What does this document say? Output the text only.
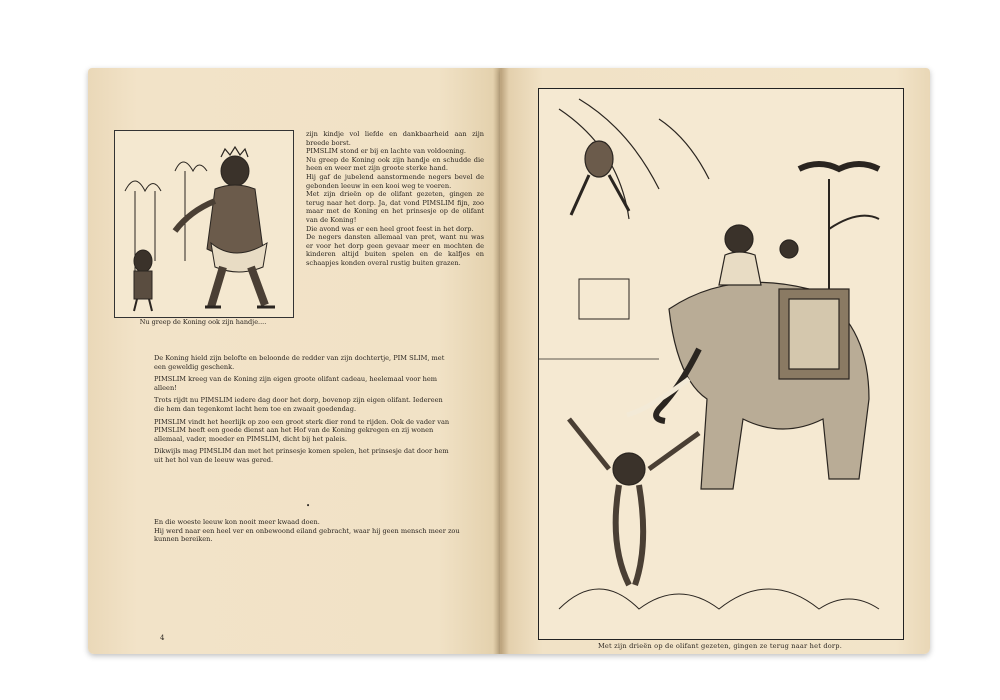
Nu greep de Koning ook zijn handje....

zijn kindje vol liefde en dankbaarheid aan zijn breede borst.

PIMSLIM stond er bij en lachte van voldoening.

Nu greep de Koning ook zijn handje en schudde die heen en weer met zijn groote sterke hand.

Hij gaf de jubelend aanstormende negers bevel de gebonden leeuw in een kooi weg te voeren.

Met zijn drieën op de olifant gezeten, gingen ze terug naar het dorp. Ja, dat vond PIMSLIM fijn, zoo maar met de Koning en het prinsesje op de olifant van de Koning!

Die avond was er een heel groot feest in het dorp.

De negers dansten allemaal van pret, want nu was er voor het dorp geen gevaar meer en mochten de kinderen altijd buiten spelen en de kalfjes en schaapjes konden overal rustig buiten grazen.

De Koning hield zijn belofte en beloonde de redder van zijn dochtertje, PIM SLIM, met een geweldig geschenk.

PIMSLIM kreeg van de Koning zijn eigen groote olifant cadeau, heelemaal voor hem alleen!

Trots rijdt nu PIMSLIM iedere dag door het dorp, bovenop zijn eigen olifant. Iedereen die hem dan tegenkomt lacht hem toe en zwaait goedendag.

PIMSLIM vindt het heerlijk op zoo een groot sterk dier rond te rijden. Ook de vader van PIMSLIM heeft een goede dienst aan het Hof van de Koning gekregen en zij wonen allemaal, vader, moeder en PIMSLIM, dicht bij het paleis.

Dikwijls mag PIMSLIM dan met het prinsesje komen spelen, het prinsesje dat door hem uit het hol van de leeuw was gered.

•

En die woeste leeuw kon nooit meer kwaad doen.

Hij werd naar een heel ver en onbewoond eiland gebracht, waar hij geen mensch meer zou kunnen bereiken.

4
Met zijn drieën op de olifant gezeten, gingen ze terug naar het dorp.
